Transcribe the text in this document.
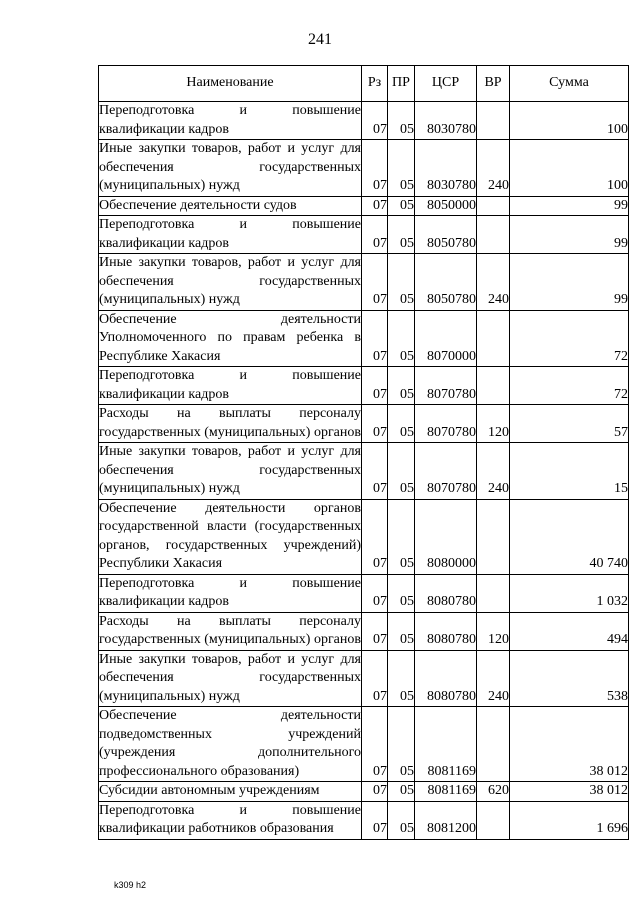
241
Наименование	Рз	ПР	ЦСР	ВР	Сумма
Переподготовка и повышение квалификации кадров	07	05	8030780		100
Иные закупки товаров, работ и услуг для обеспечения государственных (муниципальных) нужд	07	05	8030780	240	100
Обеспечение деятельности судов	07	05	8050000		99
Переподготовка и повышение квалификации кадров	07	05	8050780		99
Иные закупки товаров, работ и услуг для обеспечения государственных (муниципальных) нужд	07	05	8050780	240	99
Обеспечение деятельности Уполномоченного по правам ребенка в Республике Хакасия	07	05	8070000		72
Переподготовка и повышение квалификации кадров	07	05	8070780		72
Расходы на выплаты персоналу государственных (муниципальных) органов	07	05	8070780	120	57
Иные закупки товаров, работ и услуг для обеспечения государственных (муниципальных) нужд	07	05	8070780	240	15
Обеспечение деятельности органов государственной власти (государственных органов, государственных учреждений) Республики Хакасия	07	05	8080000		40 740
Переподготовка и повышение квалификации кадров	07	05	8080780		1 032
Расходы на выплаты персоналу государственных (муниципальных) органов	07	05	8080780	120	494
Иные закупки товаров, работ и услуг для обеспечения государственных (муниципальных) нужд	07	05	8080780	240	538
Обеспечение деятельности подведомственных учреждений (учреждения дополнительного профессионального образования)	07	05	8081169		38 012
Субсидии автономным учреждениям	07	05	8081169	620	38 012
Переподготовка и повышение квалификации работников образования	07	05	8081200		1 696
k309 h2
